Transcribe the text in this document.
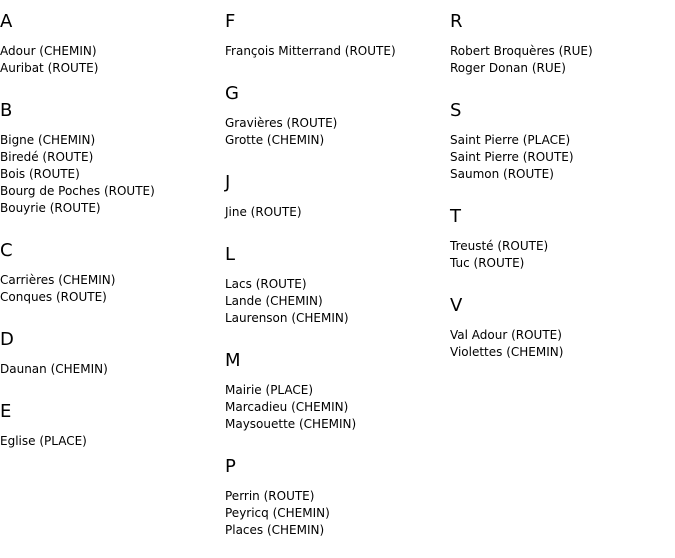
A
Adour (CHEMIN)
Auribat (ROUTE)
B
Bigne (CHEMIN)
Biredé (ROUTE)
Bois (ROUTE)
Bourg de Poches (ROUTE)
Bouyrie (ROUTE)
C
Carrières (CHEMIN)
Conques (ROUTE)
D
Daunan (CHEMIN)
E
Eglise (PLACE)
F
François Mitterrand (ROUTE)
G
Gravières (ROUTE)
Grotte (CHEMIN)
J
Jine (ROUTE)
L
Lacs (ROUTE)
Lande (CHEMIN)
Laurenson (CHEMIN)
M
Mairie (PLACE)
Marcadieu (CHEMIN)
Maysouette (CHEMIN)
P
Perrin (ROUTE)
Peyricq (CHEMIN)
Places (CHEMIN)
R
Robert Broquères (RUE)
Roger Donan (RUE)
S
Saint Pierre (PLACE)
Saint Pierre (ROUTE)
Saumon (ROUTE)
T
Treusté (ROUTE)
Tuc (ROUTE)
V
Val Adour (ROUTE)
Violettes (CHEMIN)
